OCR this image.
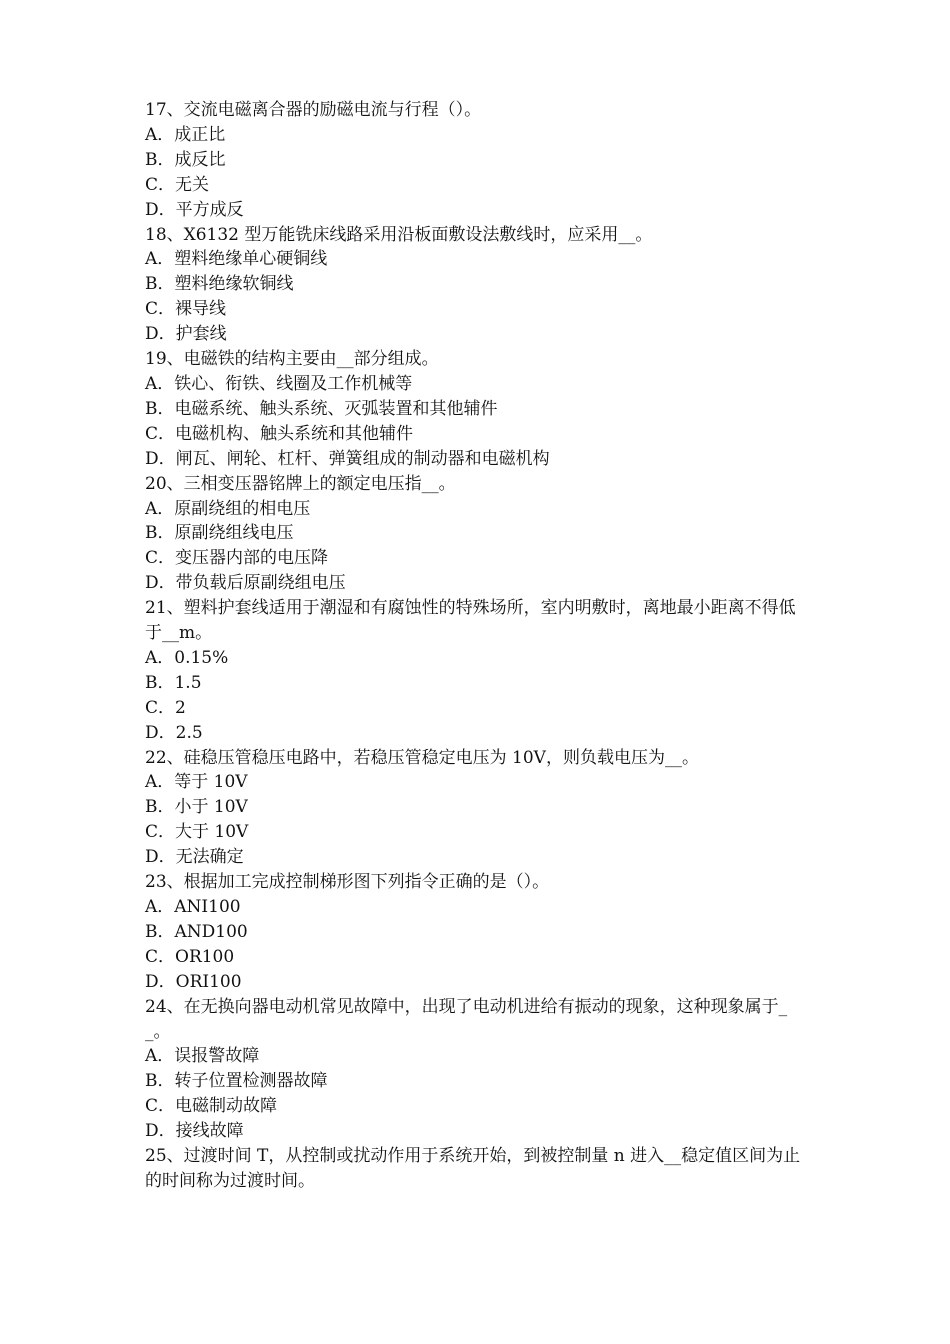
17、交流电磁离合器的励磁电流与行程（）。
A．成正比
B．成反比
C．无关
D．平方成反
18、X6132 型万能铣床线路采用沿板面敷设法敷线时，应采用__。
A．塑料绝缘单心硬铜线
B．塑料绝缘软铜线
C．裸导线
D．护套线
19、电磁铁的结构主要由__部分组成。
A．铁心、衔铁、线圈及工作机械等
B．电磁系统、触头系统、灭弧装置和其他辅件
C．电磁机构、触头系统和其他辅件
D．闸瓦、闸轮、杠杆、弹簧组成的制动器和电磁机构
20、三相变压器铭牌上的额定电压指__。
A．原副绕组的相电压
B．原副绕组线电压
C．变压器内部的电压降
D．带负载后原副绕组电压
21、塑料护套线适用于潮湿和有腐蚀性的特殊场所，室内明敷时，离地最小距离不得低于__m。
A．0.15%
B．1.5
C．2
D．2.5
22、硅稳压管稳压电路中，若稳压管稳定电压为 10V，则负载电压为__。
A．等于 10V
B．小于 10V
C．大于 10V
D．无法确定
23、根据加工完成控制梯形图下列指令正确的是（）。
A．ANI100
B．AND100
C．OR100
D．ORI100
24、在无换向器电动机常见故障中，出现了电动机进给有振动的现象，这种现象属于__。
A．误报警故障
B．转子位置检测器故障
C．电磁制动故障
D．接线故障
25、过渡时间 T，从控制或扰动作用于系统开始，到被控制量 n 进入__稳定值区间为止的时间称为过渡时间。
